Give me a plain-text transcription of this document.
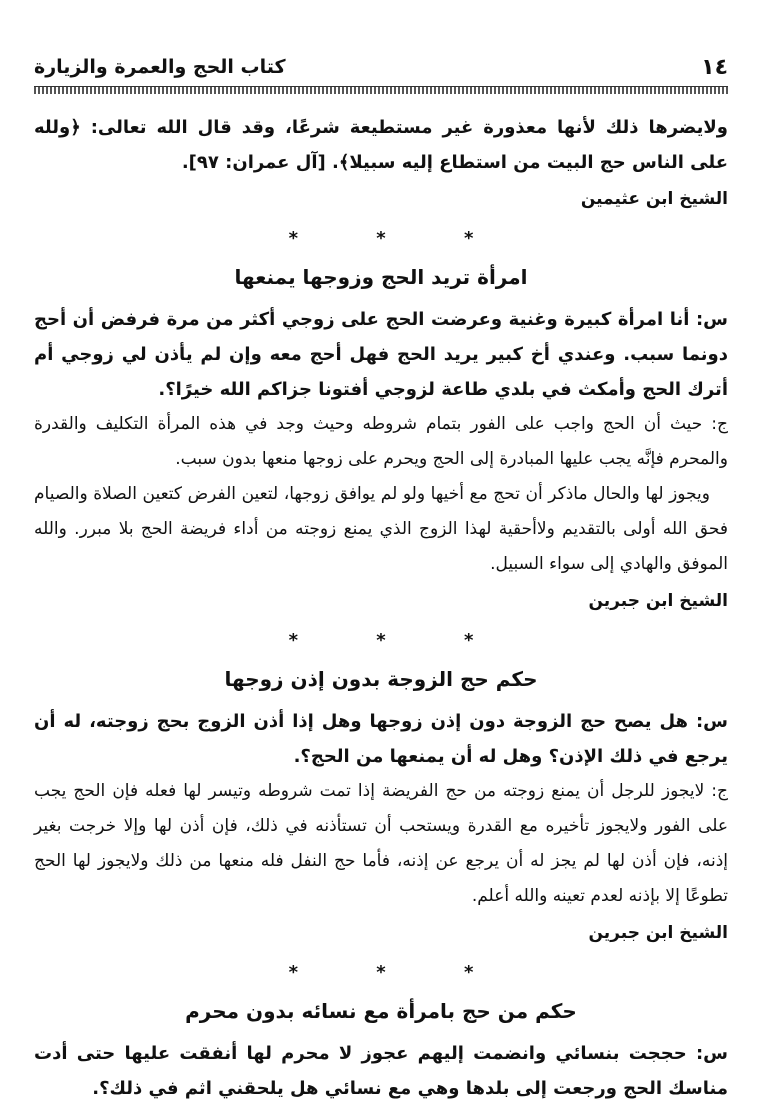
١٤
كتاب الحج والعمرة والزيارة

ولايضرها ذلك لأنها معذورة غير مستطيعة شرعًا، وقد قال الله تعالى: ﴿ولله على الناس حج البيت من استطاع إليه سبيلا﴾. [آل عمران: ٩٧].

الشيخ ابن عثيمين

* * *
امرأة تريد الحج وزوجها يمنعها

س: أنا امرأة كبيرة وغنية وعرضت الحج على زوجي أكثر من مرة فرفض أن أحج دونما سبب. وعندي أخ كبير يريد الحج فهل أحج معه وإن لم يأذن لي زوجي أم أترك الحج وأمكث في بلدي طاعة لزوجي أفتونا جزاكم الله خيرًا؟.

ج: حيث أن الحج واجب على الفور بتمام شروطه وحيث وجد في هذه المرأة التكليف والقدرة والمحرم فإنَّه يجب عليها المبادرة إلى الحج ويحرم على زوجها منعها بدون سبب.

ويجوز لها والحال ماذكر أن تحج مع أخيها ولو لم يوافق زوجها، لتعين الفرض كتعين الصلاة والصيام فحق الله أولى بالتقديم ولاأحقية لهذا الزوج الذي يمنع زوجته من أداء فريضة الحج بلا مبرر. والله الموفق والهادي إلى سواء السبيل.

الشيخ ابن جبرين

* * *
حكم حج الزوجة بدون إذن زوجها

س: هل يصح حج الزوجة دون إذن زوجها وهل إذا أذن الزوج بحج زوجته، له أن يرجع في ذلك الإذن؟ وهل له أن يمنعها من الحج؟.

ج: لايجوز للرجل أن يمنع زوجته من حج الفريضة إذا تمت شروطه وتيسر لها فعله فإن الحج يجب على الفور ولايجوز تأخيره مع القدرة ويستحب أن تستأذنه في ذلك، فإن أذن لها وإلا خرجت بغير إذنه، فإن أذن لها لم يجز له أن يرجع عن إذنه، فأما حج النفل فله منعها من ذلك ولايجوز لها الحج تطوعًا إلا بإذنه لعدم تعينه والله أعلم.

الشيخ ابن جبرين

* * *
حكم من حج بامرأة مع نسائه بدون محرم

س: حججت بنسائي وانضمت إليهم عجوز لا محرم لها أنفقت عليها حتى أدت مناسك الحج ورجعت إلى بلدها وهي مع نسائي هل يلحقني اثم في ذلك؟.
